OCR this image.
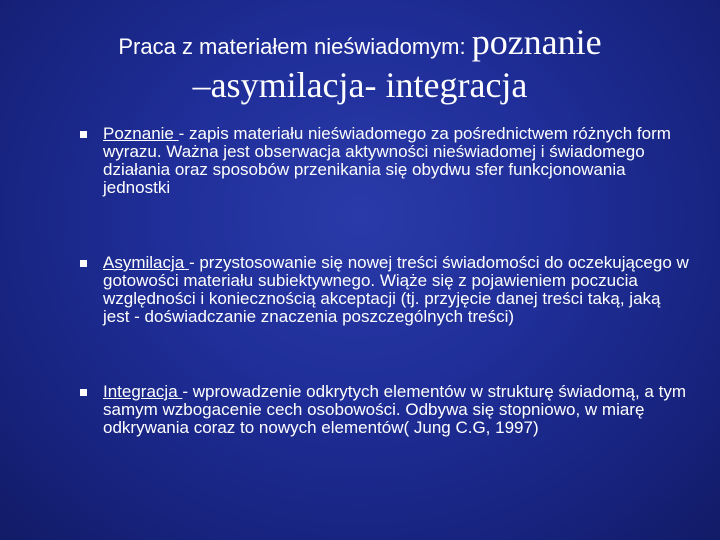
Praca z materiałem nieświadomym: poznanie
–asymilacja- integracja
Poznanie - zapis materiału nieświadomego za pośrednictwem różnych form wyrazu. Ważna jest obserwacja aktywności nieświadomej i świadomego działania oraz sposobów przenikania się obydwu sfer funkcjonowania jednostki
Asymilacja - przystosowanie się nowej treści świadomości do oczekującego w gotowości materiału subiektywnego. Wiąże się z pojawieniem poczucia względności i koniecznością akceptacji (tj. przyjęcie danej treści taką, jaką jest - doświadczanie znaczenia poszczególnych treści)
Integracja - wprowadzenie odkrytych elementów w strukturę świadomą, a tym samym wzbogacenie cech osobowości. Odbywa się stopniowo, w miarę odkrywania coraz to nowych elementów( Jung C.G, 1997)
